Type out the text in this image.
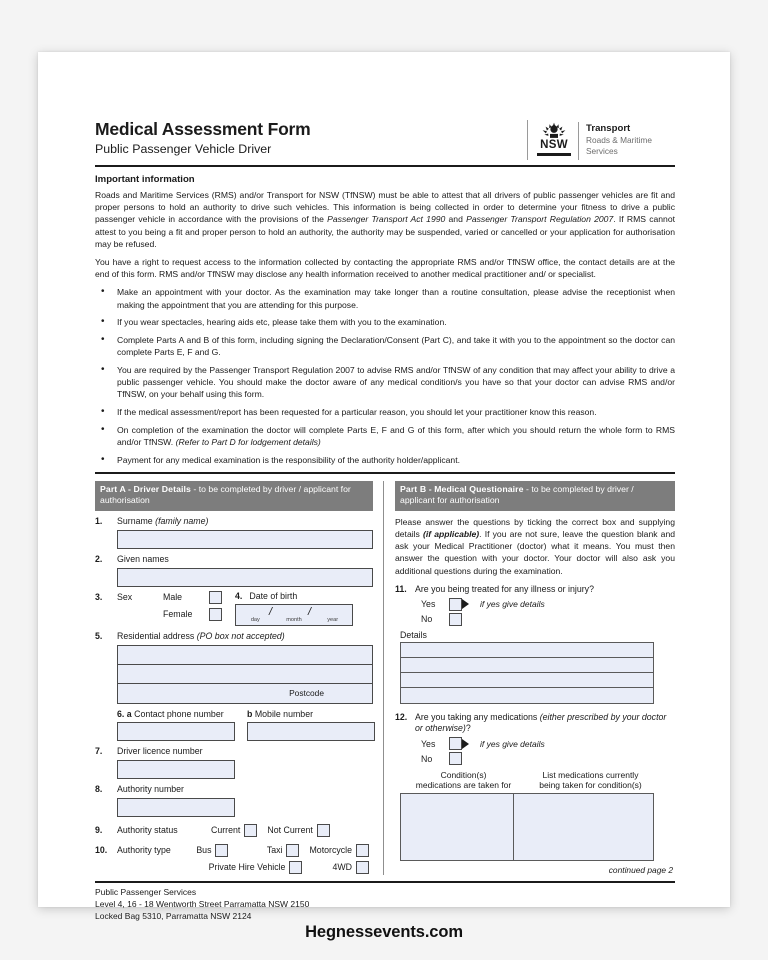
Medical Assessment Form
Public Passenger Vehicle Driver	NSW
Transport
Roads & Maritime
Services
Important information

Roads and Maritime Services (RMS) and/or Transport for NSW (TfNSW) must be able to attest that all drivers of public passenger vehicles are fit and proper persons to hold an authority to drive such vehicles. This information is being collected in order to determine your fitness to drive a public passenger vehicle in accordance with the provisions of the Passenger Transport Act 1990 and Passenger Transport Regulation 2007. If RMS cannot attest to you being a fit and proper person to hold an authority, the authority may be suspended, varied or cancelled or your application for authorisation may be refused.

You have a right to request access to the information collected by contacting the appropriate RMS and/or TfNSW office, the contact details are at the end of this form. RMS and/or TfNSW may disclose any health information received to another medical practitioner and/ or specialist.

• Make an appointment with your doctor. As the examination may take longer than a routine consultation, please advise the receptionist when making the appointment that you are attending for this purpose.
• If you wear spectacles, hearing aids etc, please take them with you to the examination.
• Complete Parts A and B of this form, including signing the Declaration/Consent (Part C), and take it with you to the appointment so the doctor can complete Parts E, F and G.
• You are required by the Passenger Transport Regulation 2007 to advise RMS and/or TfNSW of any condition that may affect your ability to drive a public passenger vehicle. You should make the doctor aware of any medical condition/s you have so that your doctor can advise RMS and/or TfNSW, on your behalf using this form.
• If the medical assessment/report has been requested for a particular reason, you should let your practitioner know this reason.
• On completion of the examination the doctor will complete Parts E, F and G of this form, after which you should return the whole form to RMS and/or TfNSW. (Refer to Part D for lodgement details)
• Payment for any medical examination is the responsibility of the authority holder/applicant.
Part A - Driver Details - to be completed by driver / applicant for authorisation
1.	Surname (family name)
2.	Given names
3.	Sex	Male
Female
4. Date of birth
day	month	year
/	/
5.	Residential address (PO box not accepted)
Postcode
6. a Contact phone number	b Mobile number
7.	Driver licence number
8.	Authority number
9.	Authority status	Current	Not Current
10.	Authority type	Bus	Taxi	Motorcycle
Private Hire Vehicle	4WD
Part B - Medical Questionaire - to be completed by driver / applicant for authorisation

Please answer the questions by ticking the correct box and supplying details (if applicable). If you are not sure, leave the question blank and ask your Medical Practitioner (doctor) what it means. You must then answer the question with your doctor. Your doctor will also ask you additional questions during the examination.

11. Are you being treated for any illness or injury?
Yes	if yes give details
No
Details
12. Are you taking any medications (either prescribed by your doctor or otherwise)?
Yes	if yes give details
No
Condition(s)
medications are taken for
List medications currently
being taken for condition(s)
continued page 2
Public Passenger Services
Level 4, 16 - 18 Wentworth Street Parramatta NSW 2150
Locked Bag 5310, Parramatta NSW 2124
Hegnessevents.com
